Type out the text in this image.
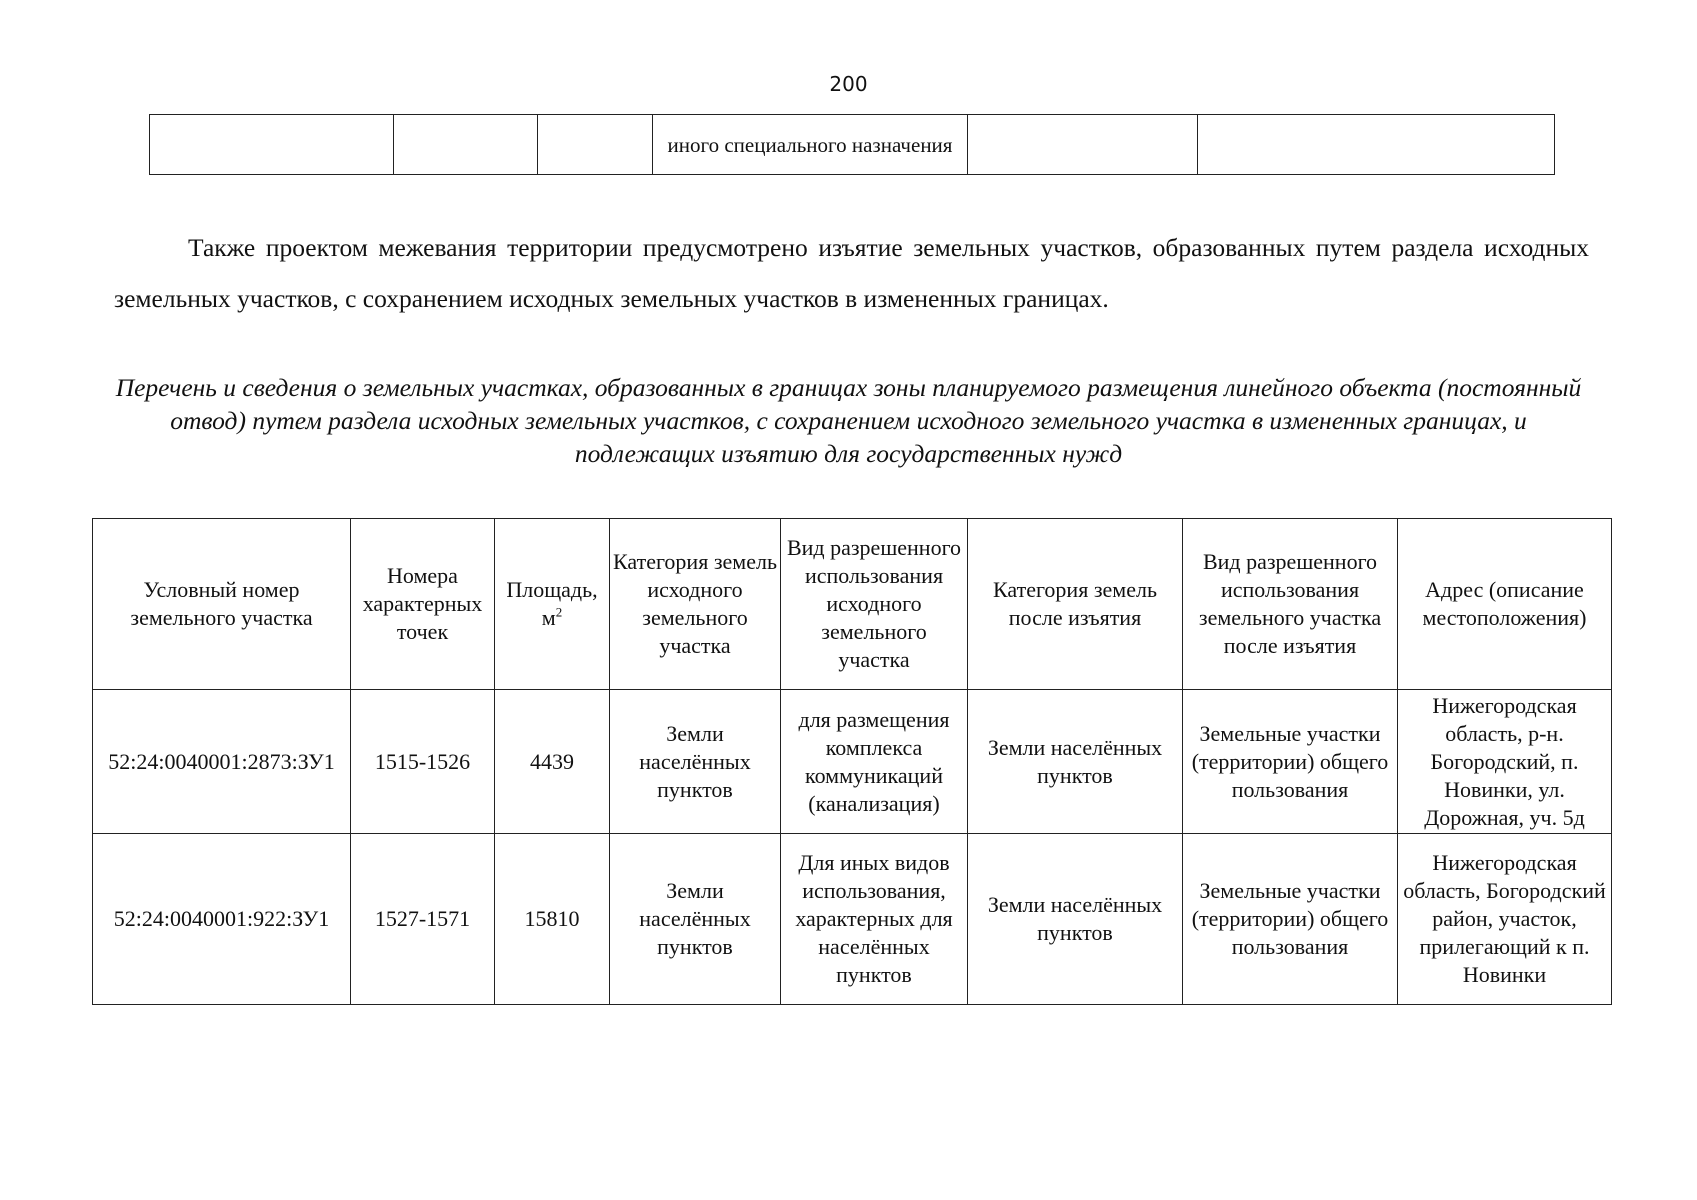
200
			иного специального назначения		

Также проектом межевания территории предусмотрено изъятие земельных участков, образованных путем раздела исходных земельных участков, с сохранением исходных земельных участков в измененных границах.

Перечень и сведения о земельных участках, образованных в границах зоны планируемого размещения линейного объекта (постоянный отвод) путем раздела исходных земельных участков, с сохранением исходного земельного участка в измененных границах, и подлежащих изъятию для государственных нужд

Условный номер земельного участка	Номера характерных точек	Площадь, $м^2$	Категория земель исходного земельного участка	Вид разрешенного использования исходного земельного участка	Категория земель после изъятия	Вид разрешенного использования земельного участка после изъятия	Адрес (описание местоположения)
52:24:0040001:2873:ЗУ1	1515-1526	4439	Земли населённых пунктов	для размещения комплекса коммуникаций (канализация)	Земли населённых пунктов	Земельные участки (территории) общего пользования	Нижегородская область, р-н. Богородский, п. Новинки, ул. Дорожная, уч. 5д
52:24:0040001:922:ЗУ1	1527-1571	15810	Земли населённых пунктов	Для иных видов использования, характерных для населённых пунктов	Земли населённых пунктов	Земельные участки (территории) общего пользования	Нижегородская область, Богородский район, участок, прилегающий к п. Новинки
